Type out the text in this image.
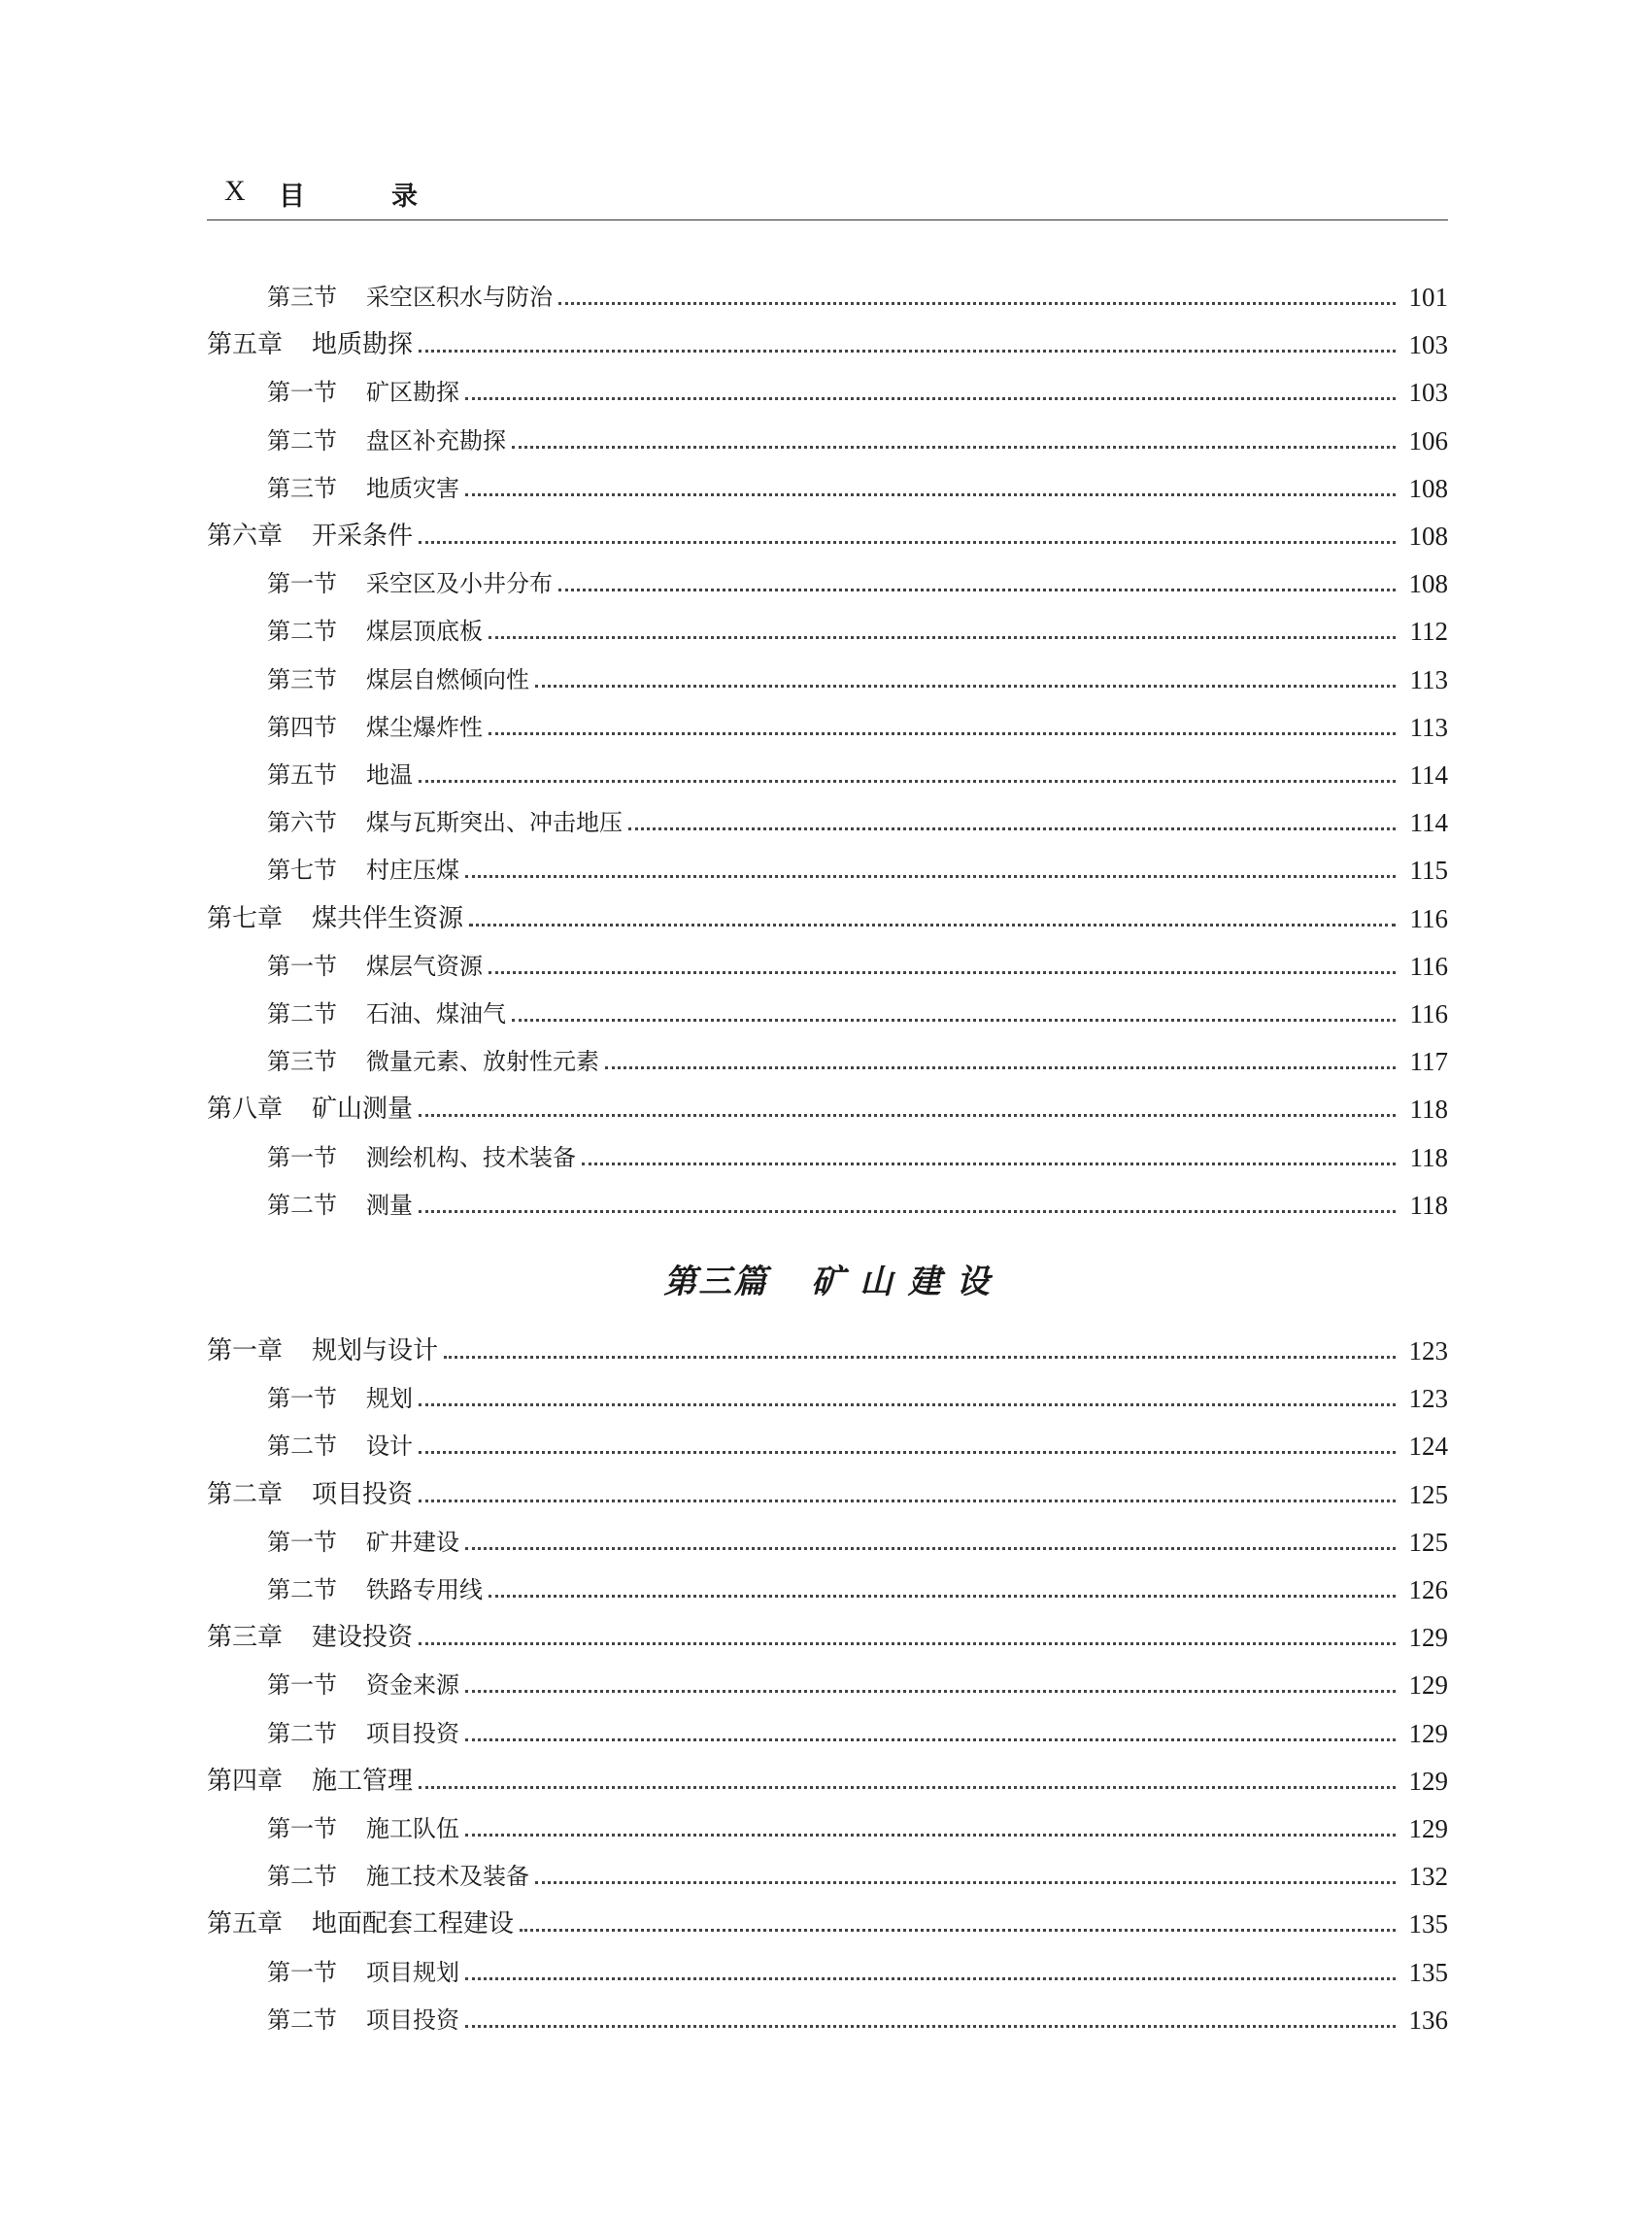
X 目	录
第三节 采空区积水与防治	101
第五章 地质勘探	103
第一节 矿区勘探	103
第二节 盘区补充勘探	106
第三节 地质灾害	108
第六章 开采条件	108
第一节 采空区及小井分布	108
第二节 煤层顶底板	112
第三节 煤层自燃倾向性	113
第四节 煤尘爆炸性	113
第五节 地温	114
第六节 煤与瓦斯突出、冲击地压	114
第七节 村庄压煤	115
第七章 煤共伴生资源	116
第一节 煤层气资源	116
第二节 石油、煤油气	116
第三节 微量元素、放射性元素	117
第八章 矿山测量	118
第一节 测绘机构、技术装备	118
第二节 测量	118
第三篇 矿 山 建 设
第一章 规划与设计	123
第一节 规划	123
第二节 设计	124
第二章 项目投资	125
第一节 矿井建设	125
第二节 铁路专用线	126
第三章 建设投资	129
第一节 资金来源	129
第二节 项目投资	129
第四章 施工管理	129
第一节 施工队伍	129
第二节 施工技术及装备	132
第五章 地面配套工程建设	135
第一节 项目规划	135
第二节 项目投资	136
